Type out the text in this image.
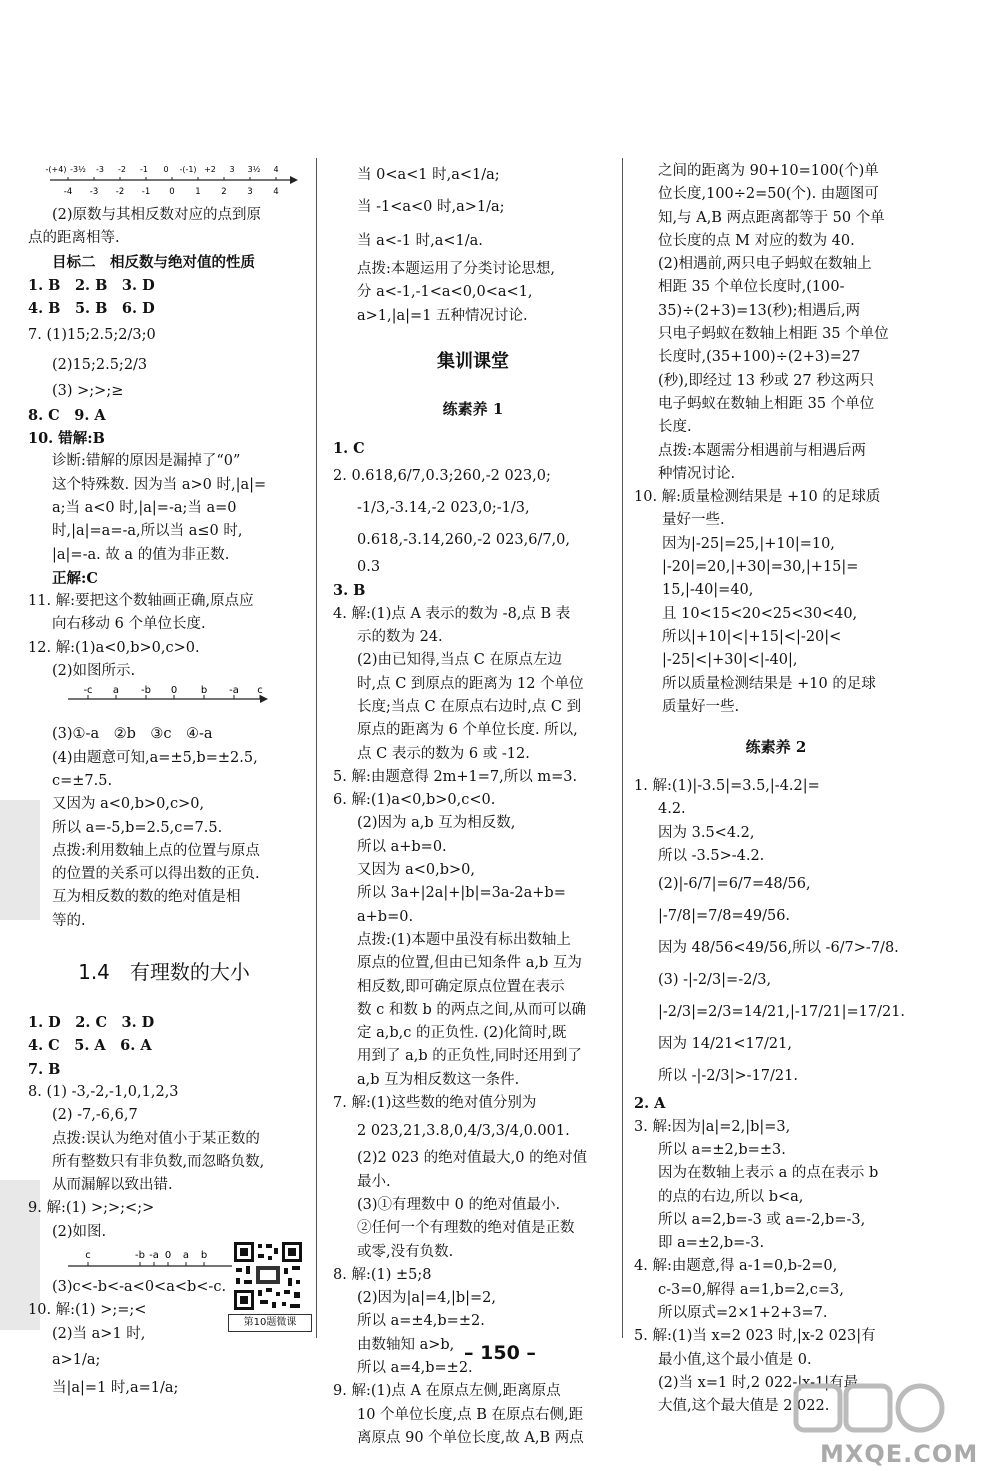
-(+4) -3½ -3 -2 -1 0 -(-1) +2 3 3½ 4
-4 -3 -2 -1 0 1 2 3 4

(2)原数与其相反数对应的点到原

点的距离相等.

目标二　相反数与绝对值的性质

1. B　2. B　3. D

4. B　5. B　6. D

7. (1)15;2.5;2/3;0

(2)15;2.5;2/3

(3) >;>;≥

8. C　9. A

10. 错解:B

诊断:错解的原因是漏掉了“0”

这个特殊数. 因为当 a>0 时,|a|=

a;当 a<0 时,|a|=-a;当 a=0

时,|a|=a=-a,所以当 a≤0 时,

|a|=-a. 故 a 的值为非正数.

正解:C

11. 解:要把这个数轴画正确,原点应

向右移动 6 个单位长度.

12. 解:(1)a<0,b>0,c>0.

(2)如图所示.

-c a -b 0 b -a c

(3)①-a　②b　③c　④-a

(4)由题意可知,a=±5,b=±2.5,

c=±7.5.

又因为 a<0,b>0,c>0,

所以 a=-5,b=2.5,c=7.5.

点拨:利用数轴上点的位置与原点

的位置的关系可以得出数的正负.

互为相反数的数的绝对值是相

等的.

1.4　有理数的大小

1. D　2. C　3. D

4. C　5. A　6. A

7. B

8. (1) -3,-2,-1,0,1,2,3

(2) -7,-6,6,7

点拨:误认为绝对值小于某正数的

所有整数只有非负数,而忽略负数,

从而漏解以致出错.

9. 解:(1) >;>;<;>

(2)如图.

c	-b -a 0 a b

(3)c<-b<-a<0<a<b<-c.

10. 解:(1) >;=;<

(2)当 a>1 时,

a>1/a;

当|a|=1 时,a=1/a;

第10题微课

当 0<a<1 时,a<1/a;

当 -1<a<0 时,a>1/a;

当 a<-1 时,a<1/a.

点拨:本题运用了分类讨论思想,

分 a<-1,-1<a<0,0<a<1,

a>1,|a|=1 五种情况讨论.

集训课堂

练素养 1

1. C

2. 0.618,6/7,0.3;260,-2 023,0;

-1/3,-3.14,-2 023,0;-1/3,

0.618,-3.14,260,-2 023,6/7,0,

0.3

3. B

4. 解:(1)点 A 表示的数为 -8,点 B 表

示的数为 24.

(2)由已知得,当点 C 在原点左边

时,点 C 到原点的距离为 12 个单位

长度;当点 C 在原点右边时,点 C 到

原点的距离为 6 个单位长度. 所以,

点 C 表示的数为 6 或 -12.

5. 解:由题意得 2m+1=7,所以 m=3.

6. 解:(1)a<0,b>0,c<0.

(2)因为 a,b 互为相反数,

所以 a+b=0.

又因为 a<0,b>0,

所以 3a+|2a|+|b|=3a-2a+b=

a+b=0.

点拨:(1)本题中虽没有标出数轴上

原点的位置,但由已知条件 a,b 互为

相反数,即可确定原点位置在表示

数 c 和数 b 的两点之间,从而可以确

定 a,b,c 的正负性. (2)化简时,既

用到了 a,b 的正负性,同时还用到了

a,b 互为相反数这一条件.

7. 解:(1)这些数的绝对值分别为

2 023,21,3.8,0,4/3,3/4,0.001.

(2)2 023 的绝对值最大,0 的绝对值

最小.

(3)①有理数中 0 的绝对值最小.

②任何一个有理数的绝对值是正数

或零,没有负数.

8. 解:(1) ±5;8

(2)因为|a|=4,|b|=2,

所以 a=±4,b=±2.

由数轴知 a>b,

所以 a=4,b=±2.

9. 解:(1)点 A 在原点左侧,距离原点

10 个单位长度,点 B 在原点右侧,距

离原点 90 个单位长度,故 A,B 两点

之间的距离为 90+10=100(个)单

位长度,100÷2=50(个). 由题图可

知,与 A,B 两点距离都等于 50 个单

位长度的点 M 对应的数为 40.

(2)相遇前,两只电子蚂蚁在数轴上

相距 35 个单位长度时,(100-

35)÷(2+3)=13(秒);相遇后,两

只电子蚂蚁在数轴上相距 35 个单位

长度时,(35+100)÷(2+3)=27

(秒),即经过 13 秒或 27 秒这两只

电子蚂蚁在数轴上相距 35 个单位

长度.

点拨:本题需分相遇前与相遇后两

种情况讨论.

10. 解:质量检测结果是 +10 的足球质

量好一些.

因为|-25|=25,|+10|=10,

|-20|=20,|+30|=30,|+15|=

15,|-40|=40,

且 10<15<20<25<30<40,

所以|+10|<|+15|<|-20|<

|-25|<|+30|<|-40|,

所以质量检测结果是 +10 的足球

质量好一些.

练素养 2

1. 解:(1)|-3.5|=3.5,|-4.2|=

4.2.

因为 3.5<4.2,

所以 -3.5>-4.2.

(2)|-6/7|=6/7=48/56,

|-7/8|=7/8=49/56.

因为 48/56<49/56,所以 -6/7>-7/8.

(3) -|-2/3|=-2/3,

|-2/3|=2/3=14/21,|-17/21|=17/21.

因为 14/21<17/21,

所以 -|-2/3|>-17/21.

2. A

3. 解:因为|a|=2,|b|=3,

所以 a=±2,b=±3.

因为在数轴上表示 a 的点在表示 b

的点的右边,所以 b<a,

所以 a=2,b=-3 或 a=-2,b=-3,

即 a=±2,b=-3.

4. 解:由题意,得 a-1=0,b-2=0,

c-3=0,解得 a=1,b=2,c=3,

所以原式=2×1+2+3=7.

5. 解:(1)当 x=2 023 时,|x-2 023|有

最小值,这个最小值是 0.

(2)当 x=1 时,2 022-|x-1|有最

大值,这个最大值是 2 022.

– 150 –
MXQE.COM
